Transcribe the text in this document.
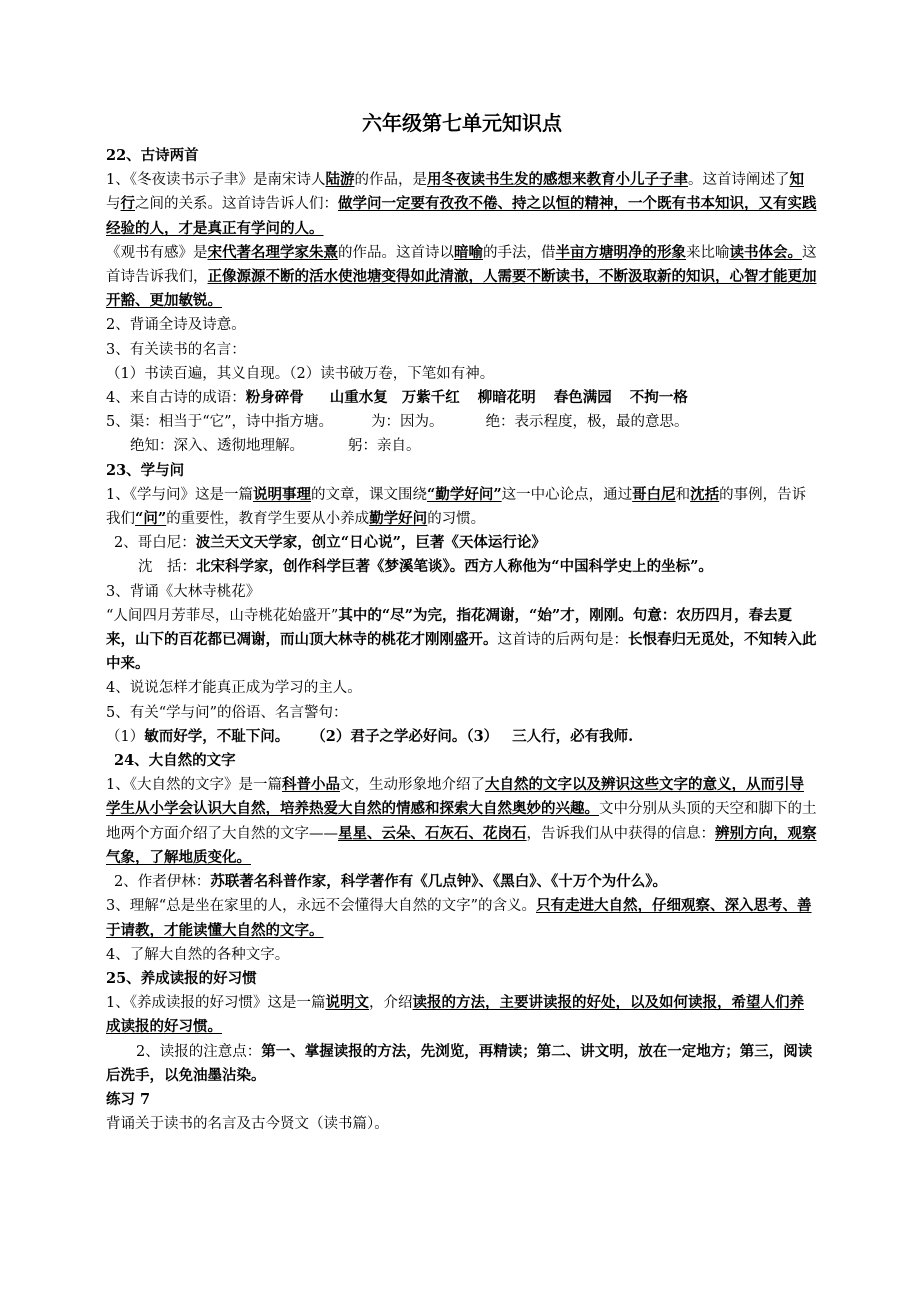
六年级第七单元知识点

22、古诗两首

1、《冬夜读书示子聿》是南宋诗人陆游的作品，是用冬夜读书生发的感想来教育小儿子子聿。这首诗阐述了知与行之间的关系。这首诗告诉人们：做学问一定要有孜孜不倦、持之以恒的精神，一个既有书本知识，又有实践经验的人，才是真正有学问的人。

《观书有感》是宋代著名理学家朱熹的作品。这首诗以暗喻的手法，借半亩方塘明净的形象来比喻读书体会。这首诗告诉我们，正像源源不断的活水使池塘变得如此清澈，人需要不断读书，不断汲取新的知识，心智才能更加开豁、更加敏锐。

2、背诵全诗及诗意。

3、有关读书的名言：

（1）书读百遍，其义自现。（2）读书破万卷，下笔如有神。

4、来自古诗的成语：粉身碎骨 山重水复 万紫千红 柳暗花明 春色满园 不拘一格

5、渠：相当于“它”，诗中指方塘。	为：因为。	绝：表示程度，极，最的意思。

绝知：深入、透彻地理解。	躬：亲自。

23、学与问

1、《学与问》这是一篇说明事理的文章，课文围绕“勤学好问”这一中心论点，通过哥白尼和沈括的事例，告诉我们“问”的重要性，教育学生要从小养成勤学好问的习惯。

2、哥白尼：波兰天文天学家，创立“日心说”，巨著《天体运行论》

沈　括：北宋科学家，创作科学巨著《梦溪笔谈》。西方人称他为“中国科学史上的坐标”。

3、背诵《大林寺桃花》

“人间四月芳菲尽，山寺桃花始盛开”其中的“尽”为完，指花凋谢，“始”才，刚刚。句意：农历四月，春去夏来，山下的百花都已凋谢，而山顶大林寺的桃花才刚刚盛开。这首诗的后两句是：长恨春归无觅处，不知转入此中来。

4、说说怎样才能真正成为学习的主人。

5、有关“学与问”的俗语、名言警句：

（1）敏而好学，不耻下问。 （2）君子之学必好问。（3） 三人行，必有我师.

24、大自然的文字

1、《大自然的文字》是一篇科普小品文，生动形象地介绍了大自然的文字以及辨识这些文字的意义，从而引导学生从小学会认识大自然，培养热爱大自然的情感和探索大自然奥妙的兴趣。文中分别从头顶的天空和脚下的土地两个方面介绍了大自然的文字——星星、云朵、石灰石、花岗石，告诉我们从中获得的信息：辨别方向，观察气象，了解地质变化。

2、作者伊林：苏联著名科普作家，科学著作有《几点钟》、《黑白》、《十万个为什么》。

3、理解“总是坐在家里的人，永远不会懂得大自然的文字”的含义。只有走进大自然，仔细观察、深入思考、善于请教，才能读懂大自然的文字。

4、了解大自然的各种文字。

25、养成读报的好习惯

1、《养成读报的好习惯》这是一篇说明文，介绍读报的方法，主要讲读报的好处，以及如何读报，希望人们养成读报的好习惯。

2、读报的注意点：第一、掌握读报的方法，先浏览，再精读；第二、讲文明，放在一定地方；第三，阅读后洗手，以免油墨沾染。

练习 7

背诵关于读书的名言及古今贤文（读书篇）。
